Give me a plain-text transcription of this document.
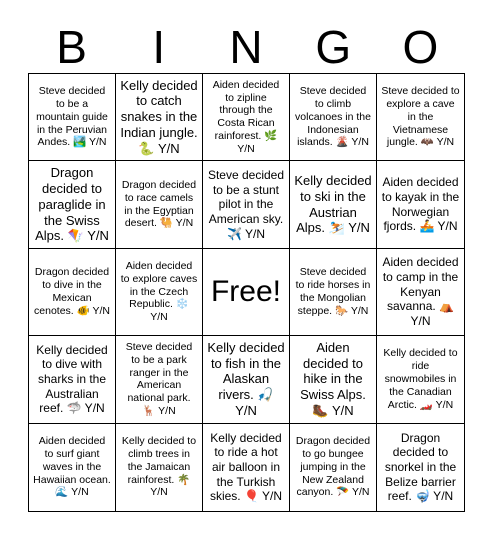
B	I	N	G	O
Steve decided to be a mountain guide in the Peruvian Andes. 🏞️ Y/N
Kelly decided to catch snakes in the Indian jungle. 🐍 Y/N
Aiden decided to zipline through the Costa Rican rainforest. 🌿 Y/N
Steve decided to climb volcanoes in the Indonesian islands. 🌋 Y/N
Steve decided to explore a cave in the Vietnamese jungle. 🦇 Y/N
Dragon decided to paraglide in the Swiss Alps. 🪁 Y/N
Dragon decided to race camels in the Egyptian desert. 🐫 Y/N
Steve decided to be a stunt pilot in the American sky. ✈️ Y/N
Kelly decided to ski in the Austrian Alps. ⛷️ Y/N
Aiden decided to kayak in the Norwegian fjords. 🚣 Y/N
Dragon decided to dive in the Mexican cenotes. 🐠 Y/N
Aiden decided to explore caves in the Czech Republic. ❄️ Y/N
Free!
Steve decided to ride horses in the Mongolian steppe. 🐎 Y/N
Aiden decided to camp in the Kenyan savanna. ⛺ Y/N
Kelly decided to dive with sharks in the Australian reef. 🦈 Y/N
Steve decided to be a park ranger in the American national park. 🦌 Y/N
Kelly decided to fish in the Alaskan rivers. 🎣 Y/N
Aiden decided to hike in the Swiss Alps. 🥾 Y/N
Kelly decided to ride snowmobiles in the Canadian Arctic. 🏎️ Y/N
Aiden decided to surf giant waves in the Hawaiian ocean. 🌊 Y/N
Kelly decided to climb trees in the Jamaican rainforest. 🌴 Y/N
Kelly decided to ride a hot air balloon in the Turkish skies. 🎈 Y/N
Dragon decided to go bungee jumping in the New Zealand canyon. 🪂 Y/N
Dragon decided to snorkel in the Belize barrier reef. 🤿 Y/N
